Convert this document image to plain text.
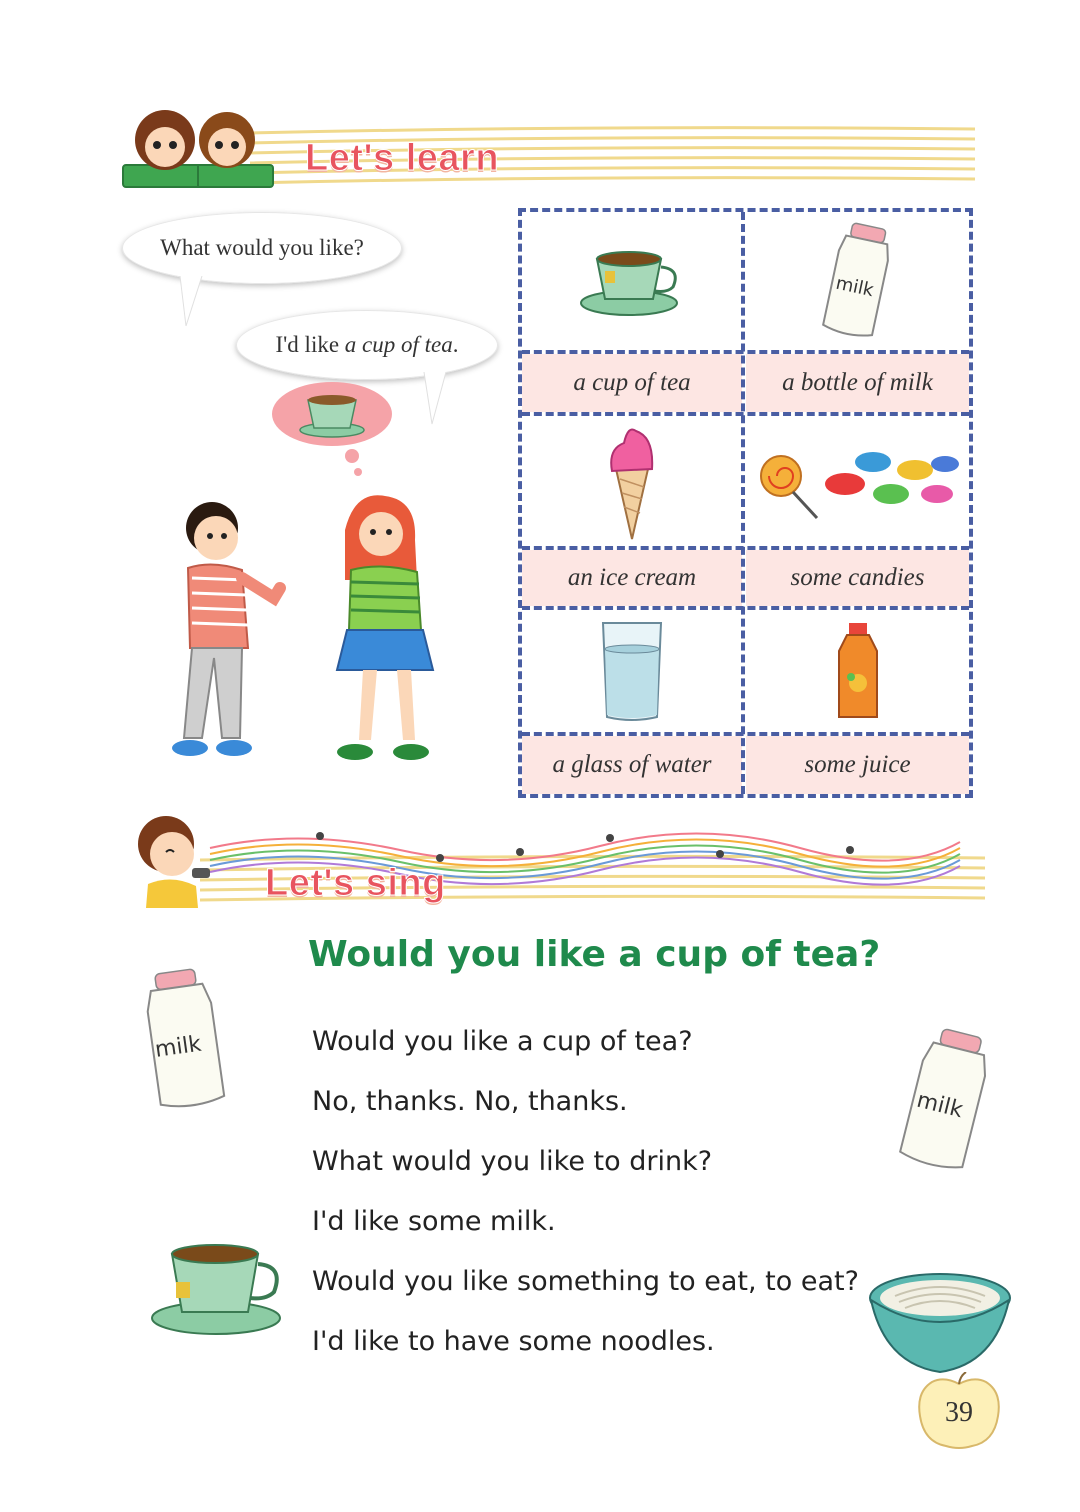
Let's learn
What would you like?
I'd like a cup of tea.
milk
a cup of tea	a bottle of milk
an ice cream	some candies
a glass of water	some juice
Let's sing
Would you like a cup of tea?
Would you like a cup of tea?
No, thanks. No, thanks.
What would you like to drink?
I'd like some milk.
Would you like something to eat, to eat?
I'd like to have some noodles.
milk
milk
39
